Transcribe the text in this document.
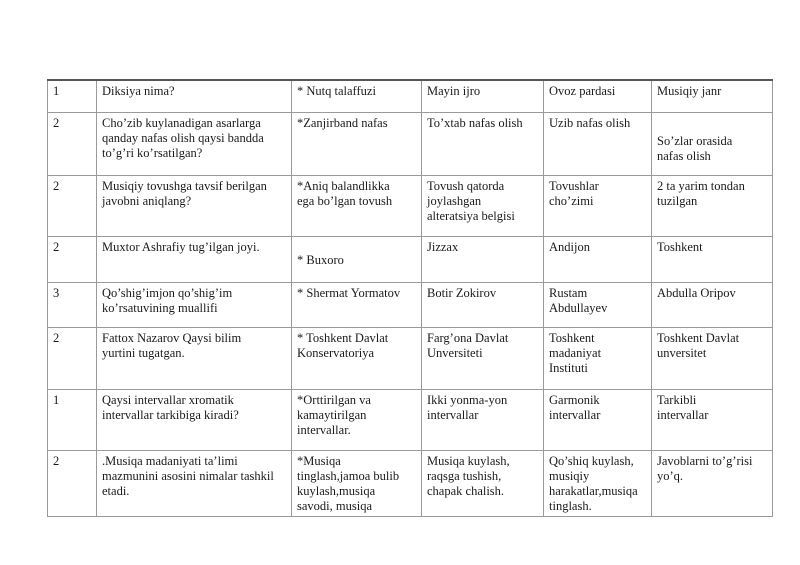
1	Diksiya nima?	* Nutq talaffuzi	Mayin ijro	Ovoz pardasi	Musiqiy janr

2	Cho’zib kuylanadigan asarlarga
qanday nafas olish qaysi bandda
to’g’ri ko’rsatilgan?	*Zanjirband nafas	To’xtab nafas olish	Uzib nafas olish	So’zlar orasida
nafas olish

2	Musiqiy tovushga tavsif berilgan
javobni aniqlang?	*Aniq balandlikka
ega bo’lgan tovush	Tovush qatorda
joylashgan
alteratsiya belgisi	Tovushlar
cho’zimi	2 ta yarim tondan
tuzilgan

2	Muxtor Ashrafiy tug’ilgan joyi.	* Buxoro	Jizzax	Andijon	Toshkent

3	Qo’shig’imjon qo’shig’im
ko’rsatuvining muallifi	* Shermat Yormatov	Botir Zokirov	Rustam
Abdullayev	Abdulla Oripov

2	Fattox Nazarov Qaysi bilim
yurtini tugatgan.	* Toshkent Davlat
Konservatoriya	Farg’ona Davlat
Unversiteti	Toshkent
madaniyat
Instituti	Toshkent Davlat
unversitet

1	Qaysi intervallar xromatik
intervallar tarkibiga kiradi?	*Orttirilgan va
kamaytirilgan
intervallar.	Ikki yonma-yon
intervallar	Garmonik
intervallar	Tarkibli
intervallar

2	.Musiqa madaniyati ta’limi
mazmunini asosini nimalar tashkil
etadi.	*Musiqa
tinglash,jamoa bulib
kuylash,musiqa
savodi, musiqa	Musiqa kuylash,
raqsga tushish,
chapak chalish.	Qo’shiq kuylash,
musiqiy
harakatlar,musiqa
tinglash.	Javoblarni to’g’risi
yo’q.
